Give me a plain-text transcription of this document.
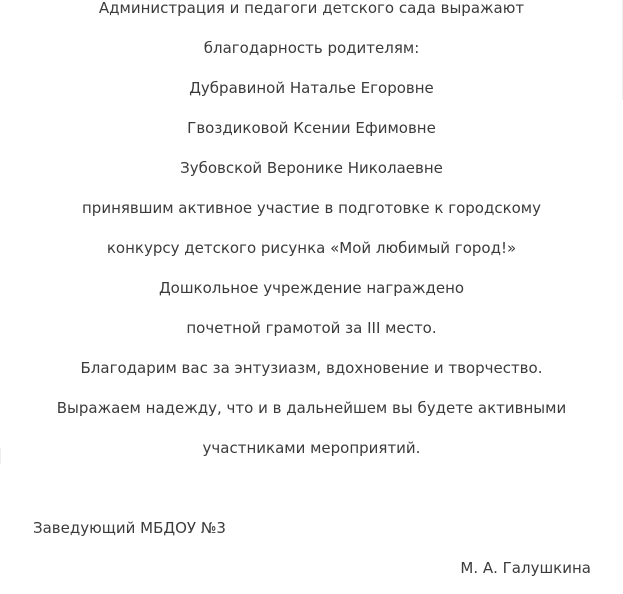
Администрация и педагоги детского сада выражают
благодарность родителям:
Дубравиной Наталье Егоровне
Гвоздиковой Ксении Ефимовне
Зубовской Веронике Николаевне
принявшим активное участие в подготовке к городскому
конкурсу детского рисунка «Мой любимый город!»
Дошкольное учреждение награждено
почетной грамотой за III место.
Благодарим вас за энтузиазм, вдохновение и творчество.
Выражаем надежду, что и в дальнейшем вы будете активными
участниками мероприятий.
Заведующий МБДОУ №3
М. А. Галушкина
